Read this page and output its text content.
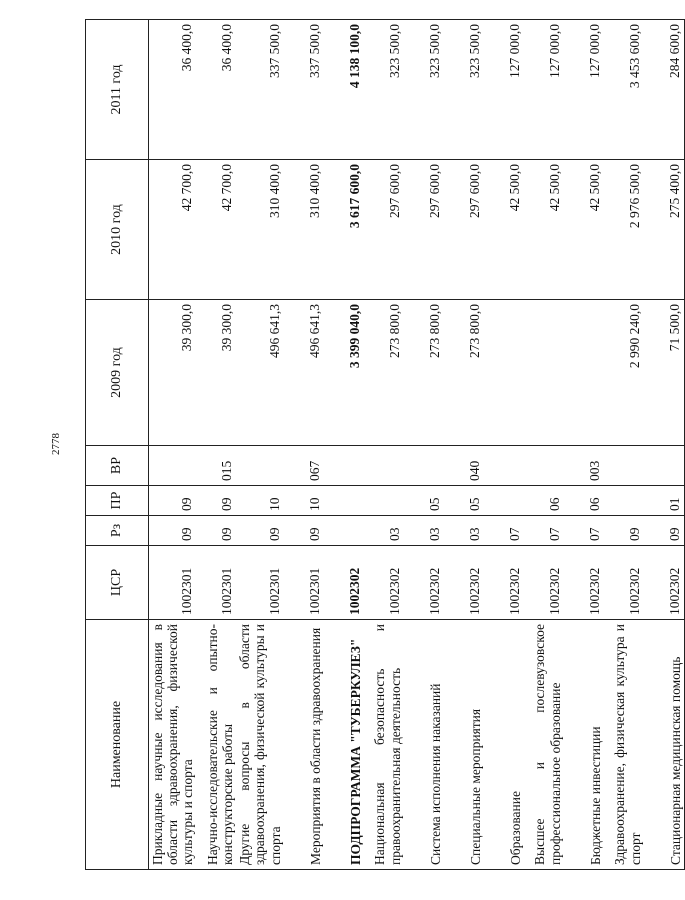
2778
Наименование	ЦСР	Рз	ПР	ВР	2009 год	2010 год	2011 год
Прикладные научные исследования в области здравоохранения, физической культуры и спорта	1002301	09	09		39 300,0	42 700,0	36 400,0
Научно-исследовательские и опытно-конструкторские работы	1002301	09	09	015	39 300,0	42 700,0	36 400,0
Другие вопросы в области здравоохранения, физической культуры и спорта	1002301	09	10		496 641,3	310 400,0	337 500,0
Мероприятия в области здравоохранения	1002301	09	10	067	496 641,3	310 400,0	337 500,0
ПОДПРОГРАММА "ТУБЕРКУЛЕЗ"	1002302				3 399 040,0	3 617 600,0	4 138 100,0
Национальная безопасность и правоохранительная деятельность	1002302	03			273 800,0	297 600,0	323 500,0
Система исполнения наказаний	1002302	03	05		273 800,0	297 600,0	323 500,0
Специальные мероприятия	1002302	03	05	040	273 800,0	297 600,0	323 500,0
Образование	1002302	07				42 500,0	127 000,0
Высшее и послевузовское профессиональное образование	1002302	07	06			42 500,0	127 000,0
Бюджетные инвестиции	1002302	07	06	003		42 500,0	127 000,0
Здравоохранение, физическая культура и спорт	1002302	09			2 990 240,0	2 976 500,0	3 453 600,0
Стационарная медицинская помощь	1002302	09	01		71 500,0	275 400,0	284 600,0
